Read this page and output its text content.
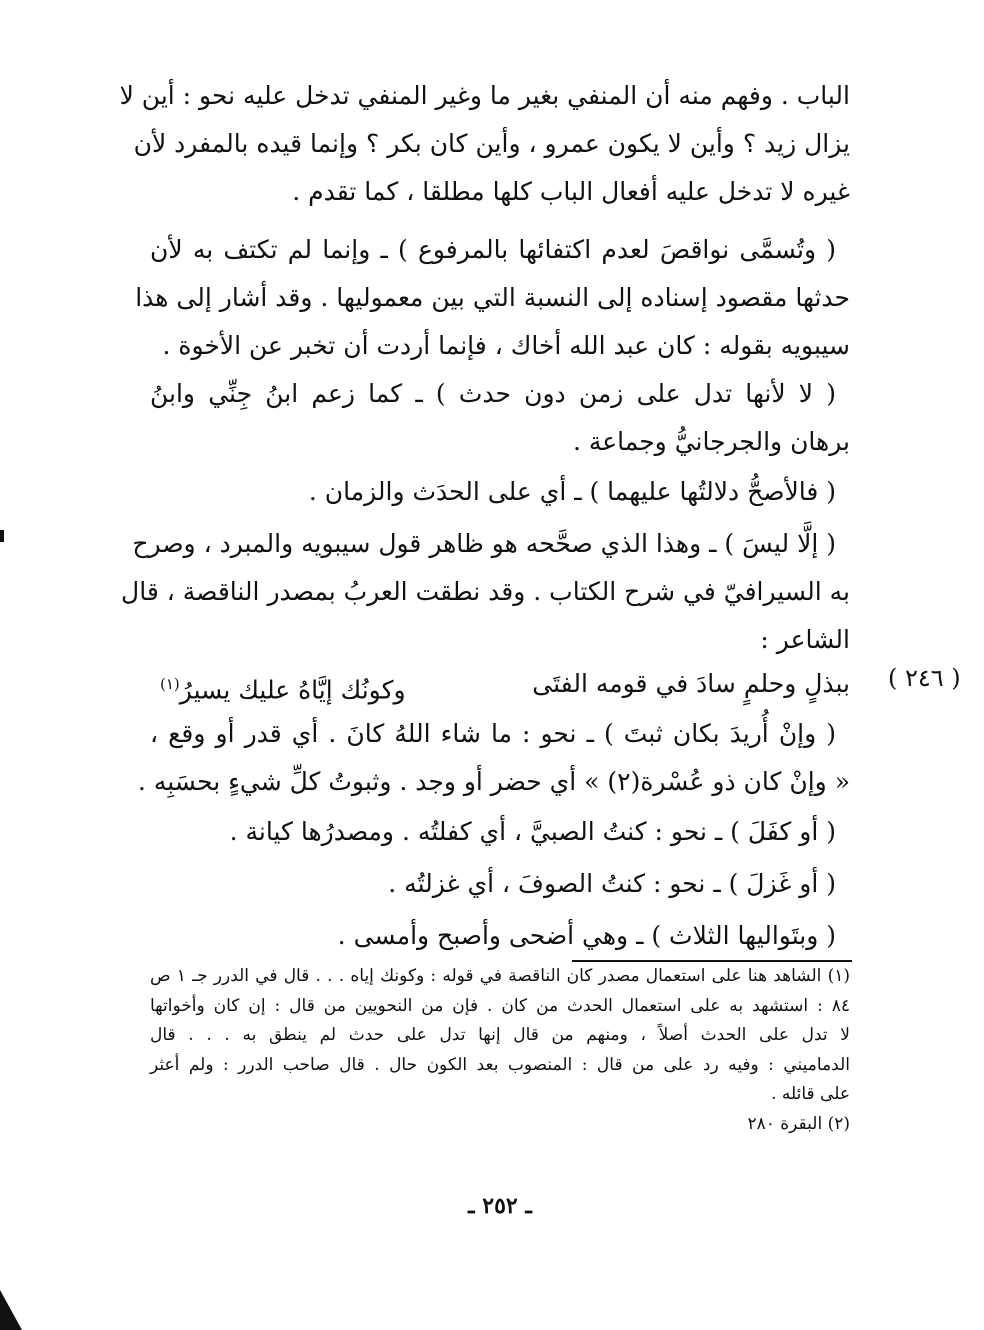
الباب . وفهم منه أن المنفي بغير ما وغير المنفي تدخل عليه نحو : أين لا
يزال زيد ؟ وأين لا يكون عمرو ، وأين كان بكر ؟ وإنما قيده بالمفرد لأن
غيره لا تدخل عليه أفعال الباب كلها مطلقا ، كما تقدم .
( وتُسمَّى نواقصَ لعدم اكتفائها بالمرفوع ) ـ وإنما لم تكتف به لأن
حدثها مقصود إسناده إلى النسبة التي بين معموليها . وقد أشار إلى هذا
سيبويه بقوله : كان عبد الله أخاك ، فإنما أردت أن تخبر عن الأخوة .
( لا لأنها تدل على زمن دون حدث ) ـ كما زعم ابنُ جِنِّي وابنُ
برهان والجرجانيُّ وجماعة .
( فالأصحُّ دلالتُها عليهما ) ـ أي على الحدَث والزمان .
( إلَّا ليسَ ) ـ وهذا الذي صحَّحه هو ظاهر قول سيبويه والمبرد ، وصرح
به السيرافيّ في شرح الكتاب . وقد نطقت العربُ بمصدر الناقصة ، قال
الشاعر :
( ٢٤٦ )
ببذلٍ وحلمٍ سادَ في قومه الفتَى
وكونُك إيَّاهُ عليك يسيرُ$^{(١)}$
( وإنْ أُريدَ بكان ثبتَ ) ـ نحو : ما شاء اللهُ كانَ . أي قدر أو وقع ،
« وإنْ كان ذو عُسْرة(٢) » أي حضر أو وجد . وثبوتُ كلِّ شيءٍ بحسَبِه .
( أو كفَلَ ) ـ نحو : كنتُ الصبيَّ ، أي كفلتُه . ومصدرُها كيانة .
( أو غَزلَ ) ـ نحو : كنتُ الصوفَ ، أي غزلتُه .
( وبتَواليها الثلاث ) ـ وهي أضحى وأصبح وأمسى .
(١) الشاهد هنا على استعمال مصدر كان الناقصة في قوله : وكونك إياه . . . قال في الدرر جـ ١ ص
٨٤ : استشهد به على استعمال الحدث من كان . فإن من النحويين من قال : إن كان وأخواتها
لا تدل على الحدث أصلاً ، ومنهم من قال إنها تدل على حدث لم ينطق به . . . قال
الدماميني : وفيه رد على من قال : المنصوب بعد الكون حال . قال صاحب الدرر : ولم أعثر
على قائله .
(٢) البقرة ٢٨٠
ـ ٢٥٢ ـ
